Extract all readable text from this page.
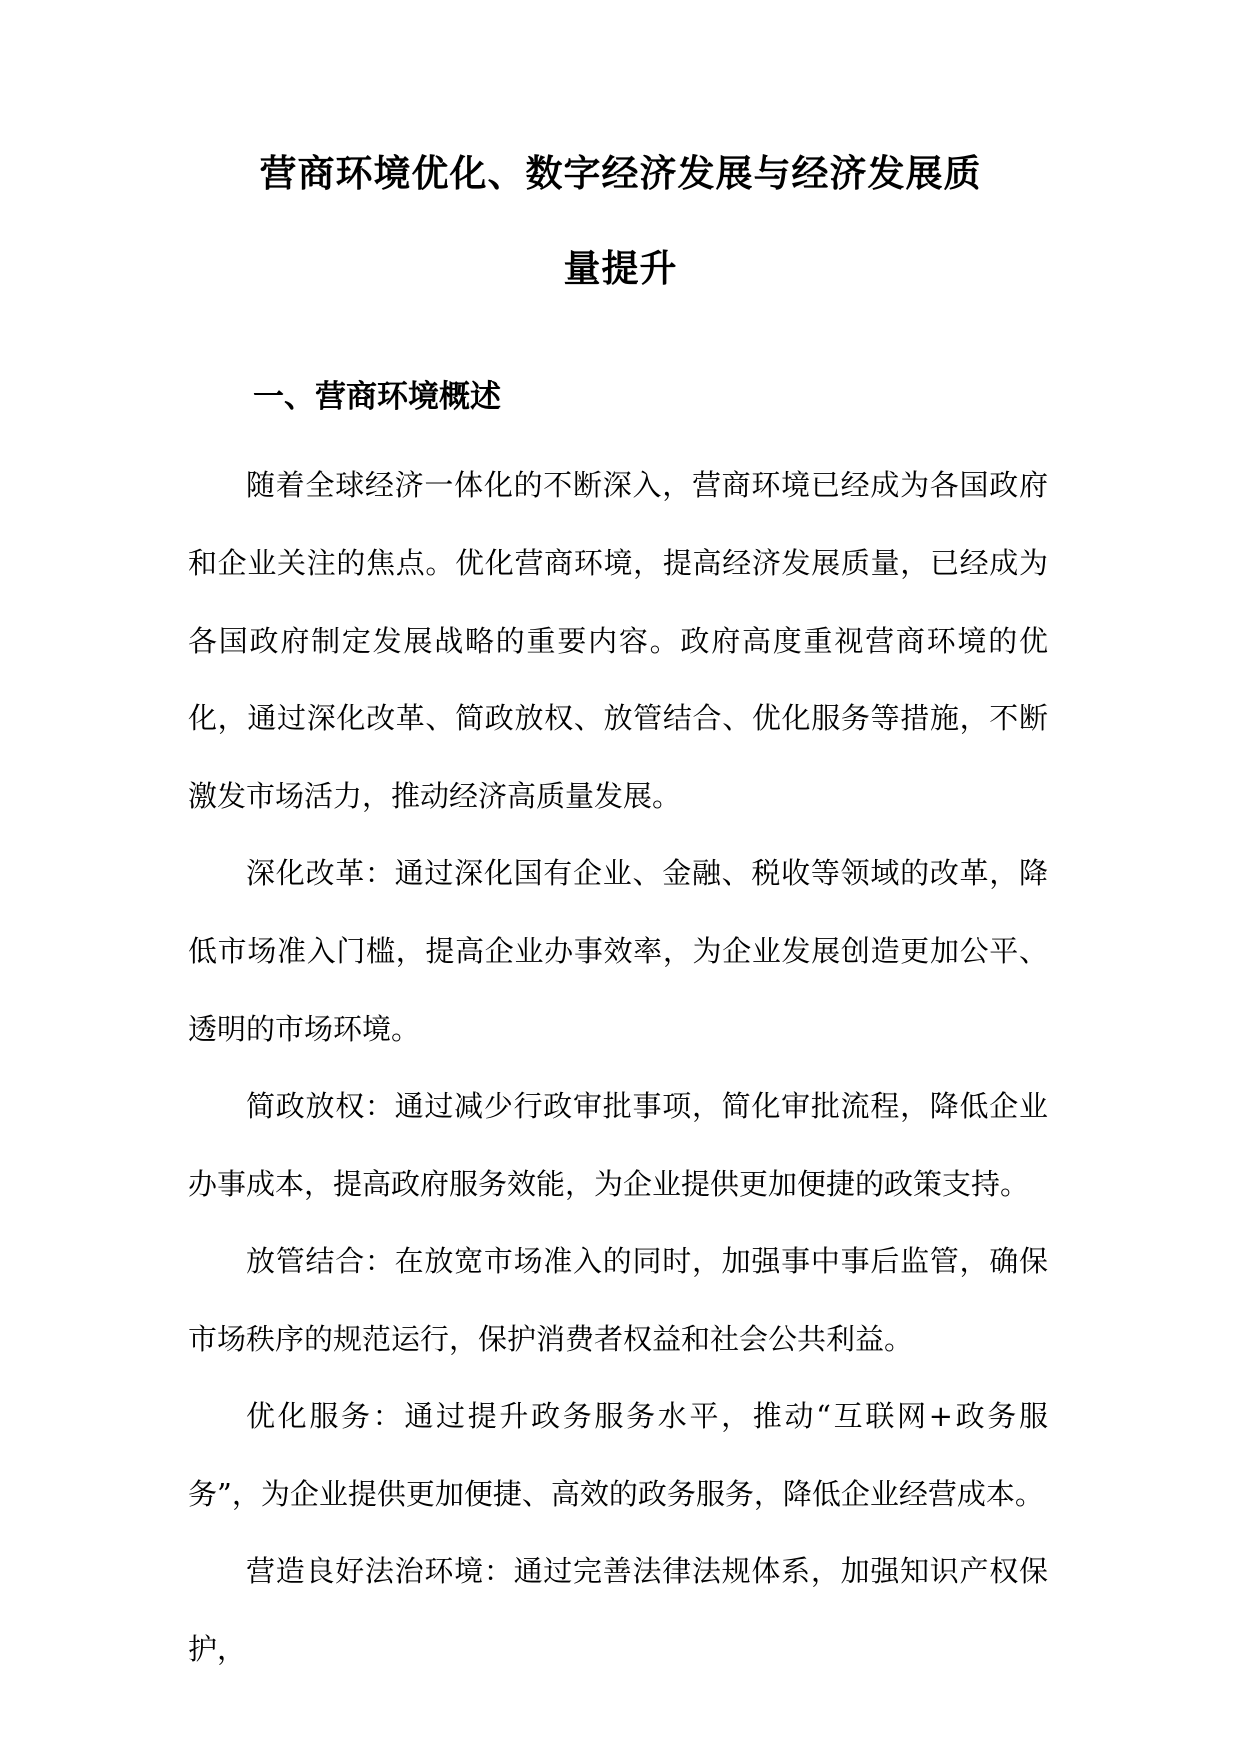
营商环境优化、数字经济发展与经济发展质
量提升
一、营商环境概述

随着全球经济一体化的不断深入，营商环境已经成为各国政府和企业关注的焦点。优化营商环境，提高经济发展质量，已经成为各国政府制定发展战略的重要内容。政府高度重视营商环境的优化，通过深化改革、简政放权、放管结合、优化服务等措施，不断激发市场活力，推动经济高质量发展。

深化改革：通过深化国有企业、金融、税收等领域的改革，降低市场准入门槛，提高企业办事效率，为企业发展创造更加公平、透明的市场环境。

简政放权：通过减少行政审批事项，简化审批流程，降低企业办事成本，提高政府服务效能，为企业提供更加便捷的政策支持。

放管结合：在放宽市场准入的同时，加强事中事后监管，确保市场秩序的规范运行，保护消费者权益和社会公共利益。

优化服务：通过提升政务服务水平，推动“互联网+政务服务”，为企业提供更加便捷、高效的政务服务，降低企业经营成本。

营造良好法治环境：通过完善法律法规体系，加强知识产权保护，
